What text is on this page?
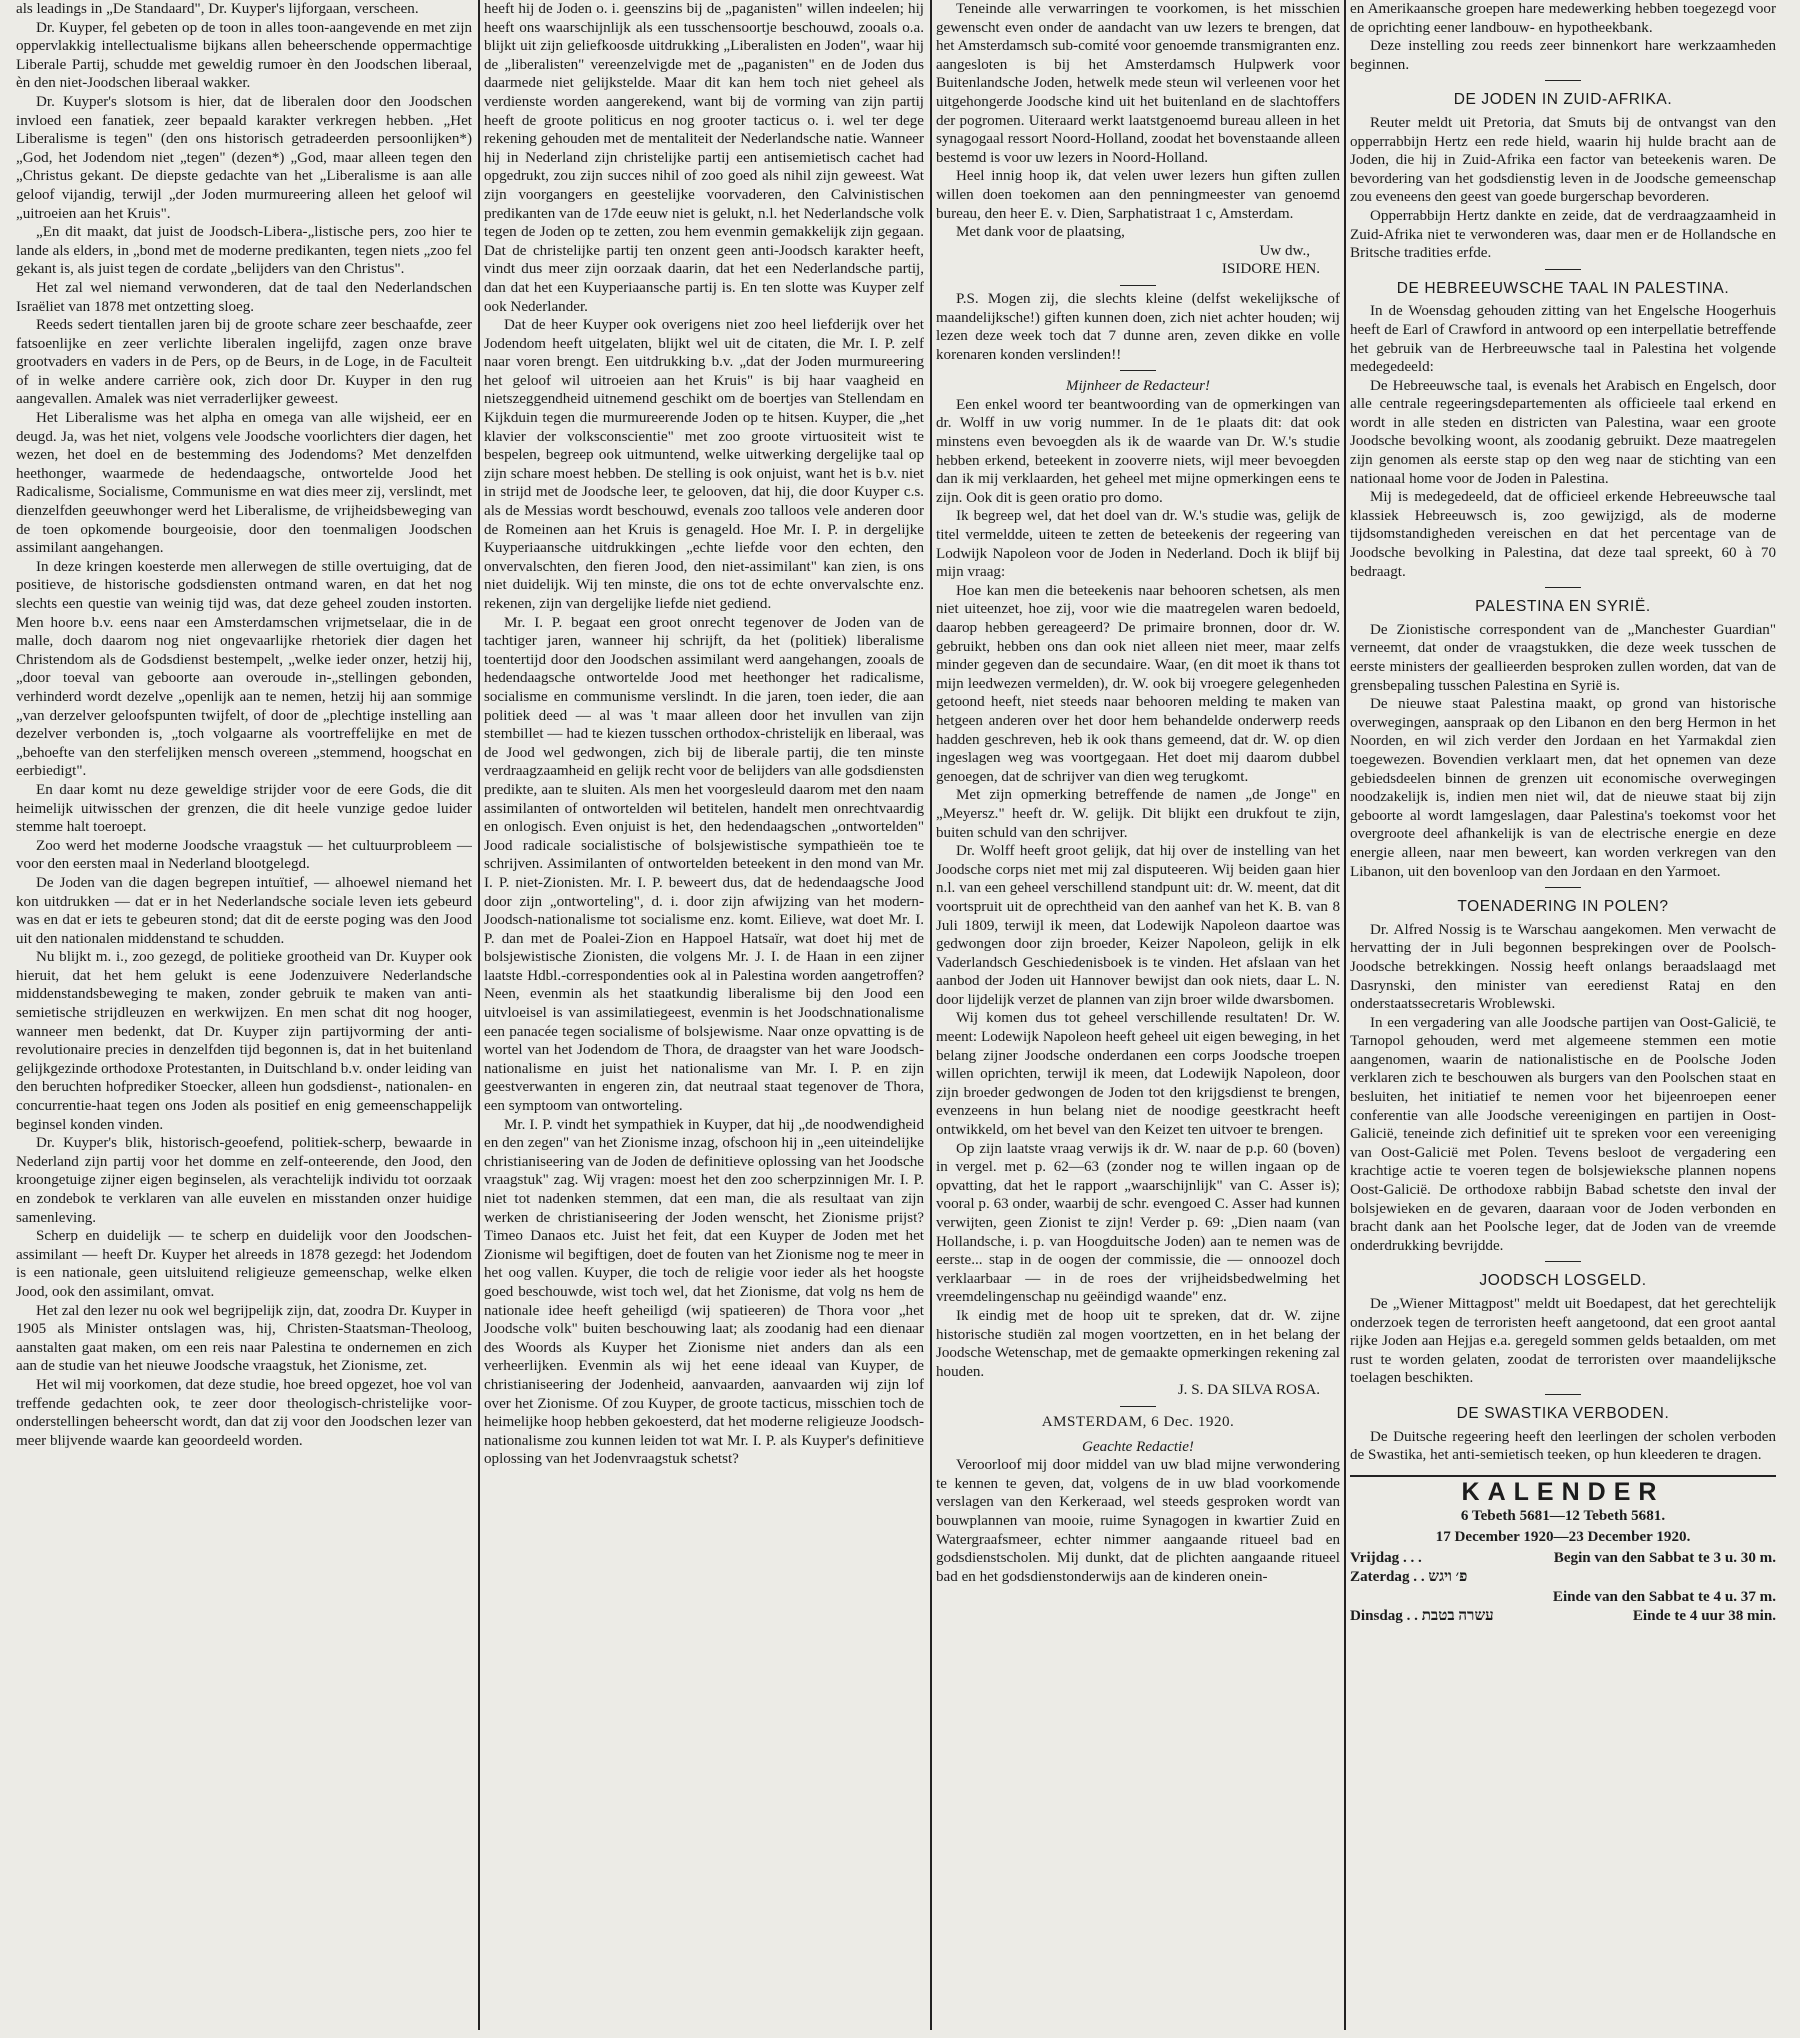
als leadings in „De Standaard", Dr. Kuyper's lijforgaan, verscheen.

Dr. Kuyper, fel gebeten op de toon in alles toon-aangevende en met zijn oppervlakkig intellectualisme bijkans allen beheerschende oppermachtige Liberale Partij, schudde met geweldig rumoer èn den Joodschen liberaal, èn den niet-Joodschen liberaal wakker.

Dr. Kuyper's slotsom is hier, dat de liberalen door den Joodschen invloed een fanatiek, zeer bepaald karakter verkregen hebben. „Het Liberalisme is tegen" (den ons historisch getradeerden persoonlijken*) „God, het Jodendom niet „tegen" (dezen*) „God, maar alleen tegen den „Christus gekant. De diepste gedachte van het „Liberalisme is aan alle geloof vijandig, terwijl „der Joden murmureering alleen het geloof wil „uitroeien aan het Kruis".

„En dit maakt, dat juist de Joodsch-Libera-„listische pers, zoo hier te lande als elders, in „bond met de moderne predikanten, tegen niets „zoo fel gekant is, als juist tegen de cordate „belijders van den Christus".

Het zal wel niemand verwonderen, dat de taal den Nederlandschen Israëliet van 1878 met ontzetting sloeg.

Reeds sedert tientallen jaren bij de groote schare zeer beschaafde, zeer fatsoenlijke en zeer verlichte liberalen ingelijfd, zagen onze brave grootvaders en vaders in de Pers, op de Beurs, in de Loge, in de Faculteit of in welke andere carrière ook, zich door Dr. Kuyper in den rug aangevallen. Amalek was niet verraderlijker geweest.

Het Liberalisme was het alpha en omega van alle wijsheid, eer en deugd. Ja, was het niet, volgens vele Joodsche voorlichters dier dagen, het wezen, het doel en de bestemming des Jodendoms? Met denzelfden heethonger, waarmede de hedendaagsche, ontwortelde Jood het Radicalisme, Socialisme, Communisme en wat dies meer zij, verslindt, met dienzelfden geeuwhonger werd het Liberalisme, de vrijheidsbeweging van de toen opkomende bourgeoisie, door den toenmaligen Joodschen assimilant aangehangen.

In deze kringen koesterde men allerwegen de stille overtuiging, dat de positieve, de historische godsdiensten ontmand waren, en dat het nog slechts een questie van weinig tijd was, dat deze geheel zouden instorten. Men hoore b.v. eens naar een Amsterdamschen vrijmetselaar, die in de malle, doch daarom nog niet ongevaarlijke rhetoriek dier dagen het Christendom als de Godsdienst bestempelt, „welke ieder onzer, hetzij hij, „door toeval van geboorte aan overoude in-„stellingen gebonden, verhinderd wordt dezelve „openlijk aan te nemen, hetzij hij aan sommige „van derzelver geloofspunten twijfelt, of door de „plechtige instelling aan dezelver verbonden is, „toch volgaarne als voortreffelijke en met de „behoefte van den sterfelijken mensch overeen „stemmend, hoogschat en eerbiedigt".

En daar komt nu deze geweldige strijder voor de eere Gods, die dit heimelijk uitwisschen der grenzen, die dit heele vunzige gedoe luider stemme halt toeroept.

Zoo werd het moderne Joodsche vraagstuk — het cultuurprobleem — voor den eersten maal in Nederland blootgelegd.

De Joden van die dagen begrepen intuïtief, — alhoewel niemand het kon uitdrukken — dat er in het Nederlandsche sociale leven iets gebeurd was en dat er iets te gebeuren stond; dat dit de eerste poging was den Jood uit den nationalen middenstand te schudden.

Nu blijkt m. i., zoo gezegd, de politieke grootheid van Dr. Kuyper ook hieruit, dat het hem gelukt is eene Jodenzuivere Nederlandsche middenstandsbeweging te maken, zonder gebruik te maken van anti-semietische strijdleuzen en werkwijzen. En men schat dit nog hooger, wanneer men bedenkt, dat Dr. Kuyper zijn partijvorming der anti-revolutionaire precies in denzelfden tijd begonnen is, dat in het buitenland gelijkgezinde orthodoxe Protestanten, in Duitschland b.v. onder leiding van den beruchten hofprediker Stoecker, alleen hun godsdienst-, nationalen- en concurrentie-haat tegen ons Joden als positief en enig gemeenschappelijk beginsel konden vinden.

Dr. Kuyper's blik, historisch-geoefend, politiek-scherp, bewaarde in Nederland zijn partij voor het domme en zelf-onteerende, den Jood, den kroongetuige zijner eigen beginselen, als verachtelijk individu tot oorzaak en zondebok te verklaren van alle euvelen en misstanden onzer huidige samenleving.

Scherp en duidelijk — te scherp en duidelijk voor den Joodschen-assimilant — heeft Dr. Kuyper het alreeds in 1878 gezegd: het Jodendom is een nationale, geen uitsluitend religieuze gemeenschap, welke elken Jood, ook den assimilant, omvat.

Het zal den lezer nu ook wel begrijpelijk zijn, dat, zoodra Dr. Kuyper in 1905 als Minister ontslagen was, hij, Christen-Staatsman-Theoloog, aanstalten gaat maken, om een reis naar Palestina te ondernemen en zich aan de studie van het nieuwe Joodsche vraagstuk, het Zionisme, zet.

Het wil mij voorkomen, dat deze studie, hoe breed opgezet, hoe vol van treffende gedachten ook, te zeer door theologisch-christelijke voor-onderstellingen beheerscht wordt, dan dat zij voor den Joodschen lezer van meer blijvende waarde kan geoordeeld worden.

heeft hij de Joden o. i. geenszins bij de „paganisten" willen indeelen; hij heeft ons waarschijnlijk als een tusschensoortje beschouwd, zooals o.a. blijkt uit zijn geliefkoosde uitdrukking „Liberalisten en Joden", waar hij de „liberalisten" vereenzelvigde met de „paganisten" en de Joden dus daarmede niet gelijkstelde. Maar dit kan hem toch niet geheel als verdienste worden aangerekend, want bij de vorming van zijn partij heeft de groote politicus en nog grooter tacticus o. i. wel ter dege rekening gehouden met de mentaliteit der Nederlandsche natie. Wanneer hij in Nederland zijn christelijke partij een antisemietisch cachet had opgedrukt, zou zijn succes nihil of zoo goed als nihil zijn geweest. Wat zijn voorgangers en geestelijke voorvaderen, den Calvinistischen predikanten van de 17de eeuw niet is gelukt, n.l. het Nederlandsche volk tegen de Joden op te zetten, zou hem evenmin gemakkelijk zijn gegaan. Dat de christelijke partij ten onzent geen anti-Joodsch karakter heeft, vindt dus meer zijn oorzaak daarin, dat het een Nederlandsche partij, dan dat het een Kuyperiaansche partij is. En ten slotte was Kuyper zelf ook Nederlander.

Dat de heer Kuyper ook overigens niet zoo heel liefderijk over het Jodendom heeft uitgelaten, blijkt wel uit de citaten, die Mr. I. P. zelf naar voren brengt. Een uitdrukking b.v. „dat der Joden murmureering het geloof wil uitroeien aan het Kruis" is bij haar vaagheid en nietszeggendheid uitnemend geschikt om de boertjes van Stellendam en Kijkduin tegen die murmureerende Joden op te hitsen. Kuyper, die „het klavier der volksconscientie" met zoo groote virtuositeit wist te bespelen, begreep ook uitmuntend, welke uitwerking dergelijke taal op zijn schare moest hebben. De stelling is ook onjuist, want het is b.v. niet in strijd met de Joodsche leer, te gelooven, dat hij, die door Kuyper c.s. als de Messias wordt beschouwd, evenals zoo talloos vele anderen door de Romeinen aan het Kruis is genageld. Hoe Mr. I. P. in dergelijke Kuyperiaansche uitdrukkingen „echte liefde voor den echten, den onvervalschten, den fieren Jood, den niet-assimilant" kan zien, is ons niet duidelijk. Wij ten minste, die ons tot de echte onvervalschte enz. rekenen, zijn van dergelijke liefde niet gediend.

Mr. I. P. begaat een groot onrecht tegenover de Joden van de tachtiger jaren, wanneer hij schrijft, da het (politiek) liberalisme toentertijd door den Joodschen assimilant werd aangehangen, zooals de hedendaagsche ontwortelde Jood met heethonger het radicalisme, socialisme en communisme verslindt. In die jaren, toen ieder, die aan politiek deed — al was 't maar alleen door het invullen van zijn stembillet — had te kiezen tusschen orthodox-christelijk en liberaal, was de Jood wel gedwongen, zich bij de liberale partij, die ten minste verdraagzaamheid en gelijk recht voor de belijders van alle godsdiensten predikte, aan te sluiten. Als men het voorgesleuld daarom met den naam assimilanten of ontwortelden wil betitelen, handelt men onrechtvaardig en onlogisch. Even onjuist is het, den hedendaagschen „ontwortelden" Jood radicale socialistische of bolsjewistische sympathieën toe te schrijven. Assimilanten of ontwortelden beteekent in den mond van Mr. I. P. niet-Zionisten. Mr. I. P. beweert dus, dat de hedendaagsche Jood door zijn „ontworteling", d. i. door zijn afwijzing van het modern-Joodsch-nationalisme tot socialisme enz. komt. Eilieve, wat doet Mr. I. P. dan met de Poalei-Zion en Happoel Hatsaïr, wat doet hij met de bolsjewistische Zionisten, die volgens Mr. J. I. de Haan in een zijner laatste Hdbl.-correspondenties ook al in Palestina worden aangetroffen? Neen, evenmin als het staatkundig liberalisme bij den Jood een uitvloeisel is van assimilatiegeest, evenmin is het Joodschnationalisme een panacée tegen socialisme of bolsjewisme. Naar onze opvatting is de wortel van het Jodendom de Thora, de draagster van het ware Joodsch-nationalisme en juist het nationalisme van Mr. I. P. en zijn geestverwanten in engeren zin, dat neutraal staat tegenover de Thora, een symptoom van ontworteling.

Mr. I. P. vindt het sympathiek in Kuyper, dat hij „de noodwendigheid en den zegen" van het Zionisme inzag, ofschoon hij in „een uiteindelijke christianiseering van de Joden de definitieve oplossing van het Joodsche vraagstuk" zag. Wij vragen: moest het den zoo scherpzinnigen Mr. I. P. niet tot nadenken stemmen, dat een man, die als resultaat van zijn werken de christianiseering der Joden wenscht, het Zionisme prijst? Timeo Danaos etc. Juist het feit, dat een Kuyper de Joden met het Zionisme wil begiftigen, doet de fouten van het Zionisme nog te meer in het oog vallen. Kuyper, die toch de religie voor ieder als het hoogste goed beschouwde, wist toch wel, dat het Zionisme, dat volg ns hem de nationale idee heeft geheiligd (wij spatieeren) de Thora voor „het Joodsche volk" buiten beschouwing laat; als zoodanig had een dienaar des Woords als Kuyper het Zionisme niet anders dan als een verheerlijken. Evenmin als wij het eene ideaal van Kuyper, de christianiseering der Jodenheid, aanvaarden, aanvaarden wij zijn lof over het Zionisme. Of zou Kuyper, de groote tacticus, misschien toch de heimelijke hoop hebben gekoesterd, dat het moderne religieuze Joodsch-nationalisme zou kunnen leiden tot wat Mr. I. P. als Kuyper's definitieve oplossing van het Jodenvraagstuk schetst?

Teneinde alle verwarringen te voorkomen, is het misschien gewenscht even onder de aandacht van uw lezers te brengen, dat het Amsterdamsch sub-comité voor genoemde transmigranten enz. aangesloten is bij het Amsterdamsch Hulpwerk voor Buitenlandsche Joden, hetwelk mede steun wil verleenen voor het uitgehongerde Joodsche kind uit het buitenland en de slachtoffers der pogromen. Uiteraard werkt laatstgenoemd bureau alleen in het synagogaal ressort Noord-Holland, zoodat het bovenstaande alleen bestemd is voor uw lezers in Noord-Holland.

Heel innig hoop ik, dat velen uwer lezers hun giften zullen willen doen toekomen aan den penningmeester van genoemd bureau, den heer E. v. Dien, Sarphatistraat 1 c, Amsterdam.

Met dank voor de plaatsing,

Uw dw.,

ISIDORE HEN.

P.S. Mogen zij, die slechts kleine (delfst wekelijksche of maandelijksche!) giften kunnen doen, zich niet achter houden; wij lezen deze week toch dat 7 dunne aren, zeven dikke en volle korenaren konden verslinden!!

Mijnheer de Redacteur!

Een enkel woord ter beantwoording van de opmerkingen van dr. Wolff in uw vorig nummer. In de 1e plaats dit: dat ook minstens even bevoegden als ik de waarde van Dr. W.'s studie hebben erkend, beteekent in zooverre niets, wijl meer bevoegden dan ik mij verklaarden, het geheel met mijne opmerkingen eens te zijn. Ook dit is geen oratio pro domo.

Ik begreep wel, dat het doel van dr. W.'s studie was, gelijk de titel vermeldde, uiteen te zetten de beteekenis der regeering van Lodwijk Napoleon voor de Joden in Nederland. Doch ik blijf bij mijn vraag:

Hoe kan men die beteekenis naar behooren schetsen, als men niet uiteenzet, hoe zij, voor wie die maatregelen waren bedoeld, daarop hebben gereageerd? De primaire bronnen, door dr. W. gebruikt, hebben ons dan ook niet alleen niet meer, maar zelfs minder gegeven dan de secundaire. Waar, (en dit moet ik thans tot mijn leedwezen vermelden), dr. W. ook bij vroegere gelegenheden getoond heeft, niet steeds naar behooren melding te maken van hetgeen anderen over het door hem behandelde onderwerp reeds hadden geschreven, heb ik ook thans gemeend, dat dr. W. op dien ingeslagen weg was voortgegaan. Het doet mij daarom dubbel genoegen, dat de schrijver van dien weg terugkomt.

Met zijn opmerking betreffende de namen „de Jonge" en „Meyersz." heeft dr. W. gelijk. Dit blijkt een drukfout te zijn, buiten schuld van den schrijver.

Dr. Wolff heeft groot gelijk, dat hij over de instelling van het Joodsche corps niet met mij zal disputeeren. Wij beiden gaan hier n.l. van een geheel verschillend standpunt uit: dr. W. meent, dat dit voortspruit uit de oprechtheid van den aanhef van het K. B. van 8 Juli 1809, terwijl ik meen, dat Lodewijk Napoleon daartoe was gedwongen door zijn broeder, Keizer Napoleon, gelijk in elk Vaderlandsch Geschiedenisboek is te vinden. Het afslaan van het aanbod der Joden uit Hannover bewijst dan ook niets, daar L. N. door lijdelijk verzet de plannen van zijn broer wilde dwarsbomen.

Wij komen dus tot geheel verschillende resultaten! Dr. W. meent: Lodewijk Napoleon heeft geheel uit eigen beweging, in het belang zijner Joodsche onderdanen een corps Joodsche troepen willen oprichten, terwijl ik meen, dat Lodewijk Napoleon, door zijn broeder gedwongen de Joden tot den krijgsdienst te brengen, evenzeens in hun belang niet de noodige geestkracht heeft ontwikkeld, om het bevel van den Keizet ten uitvoer te brengen.

Op zijn laatste vraag verwijs ik dr. W. naar de p.p. 60 (boven) in vergel. met p. 62—63 (zonder nog te willen ingaan op de opvatting, dat het le rapport „waarschijnlijk" van C. Asser is); vooral p. 63 onder, waarbij de schr. evengoed C. Asser had kunnen verwijten, geen Zionist te zijn! Verder p. 69: „Dien naam (van Hollandsche, i. p. van Hoogduitsche Joden) aan te nemen was de eerste... stap in de oogen der commissie, die — onnoozel doch verklaarbaar — in de roes der vrijheidsbedwelming het vreemdelingenschap nu geëindigd waande" enz.

Ik eindig met de hoop uit te spreken, dat dr. W. zijne historische studiën zal mogen voortzetten, en in het belang der Joodsche Wetenschap, met de gemaakte opmerkingen rekening zal houden.

J. S. DA SILVA ROSA.

AMSTERDAM, 6 Dec. 1920.

Geachte Redactie!

Veroorloof mij door middel van uw blad mijne verwondering te kennen te geven, dat, volgens de in uw blad voorkomende verslagen van den Kerkeraad, wel steeds gesproken wordt van bouwplannen van mooie, ruime Synagogen in kwartier Zuid en Watergraafsmeer, echter nimmer aangaande ritueel bad en godsdienstscholen. Mij dunkt, dat de plichten aangaande ritueel bad en het godsdienstonderwijs aan de kinderen onein-

en Amerikaansche groepen hare medewerking hebben toegezegd voor de oprichting eener landbouw- en hypotheekbank.

Deze instelling zou reeds zeer binnenkort hare werkzaamheden beginnen.

DE JODEN IN ZUID-AFRIKA.

Reuter meldt uit Pretoria, dat Smuts bij de ontvangst van den opperrabbijn Hertz een rede hield, waarin hij hulde bracht aan de Joden, die hij in Zuid-Afrika een factor van beteekenis waren. De bevordering van het godsdienstig leven in de Joodsche gemeenschap zou eveneens den geest van goede burgerschap bevorderen.

Opperrabbijn Hertz dankte en zeide, dat de verdraagzaamheid in Zuid-Afrika niet te verwonderen was, daar men er de Hollandsche en Britsche tradities erfde.

DE HEBREEUWSCHE TAAL IN PALESTINA.

In de Woensdag gehouden zitting van het Engelsche Hoogerhuis heeft de Earl of Crawford in antwoord op een interpellatie betreffende het gebruik van de Herbreeuwsche taal in Palestina het volgende medegedeeld:

De Hebreeuwsche taal, is evenals het Arabisch en Engelsch, door alle centrale regeeringsdepartementen als officieele taal erkend en wordt in alle steden en districten van Palestina, waar een groote Joodsche bevolking woont, als zoodanig gebruikt. Deze maatregelen zijn genomen als eerste stap op den weg naar de stichting van een nationaal home voor de Joden in Palestina.

Mij is medegedeeld, dat de officieel erkende Hebreeuwsche taal klassiek Hebreeuwsch is, zoo gewijzigd, als de moderne tijdsomstandigheden vereischen en dat het percentage van de Joodsche bevolking in Palestina, dat deze taal spreekt, 60 à 70 bedraagt.

PALESTINA EN SYRIË.

De Zionistische correspondent van de „Manchester Guardian" verneemt, dat onder de vraagstukken, die deze week tusschen de eerste ministers der geallieerden besproken zullen worden, dat van de grensbepaling tusschen Palestina en Syrië is.

De nieuwe staat Palestina maakt, op grond van historische overwegingen, aanspraak op den Libanon en den berg Hermon in het Noorden, en wil zich verder den Jordaan en het Yarmakdal zien toegewezen. Bovendien verklaart men, dat het opnemen van deze gebiedsdeelen binnen de grenzen uit economische overwegingen noodzakelijk is, indien men niet wil, dat de nieuwe staat bij zijn geboorte al wordt lamgeslagen, daar Palestina's toekomst voor het overgroote deel afhankelijk is van de electrische energie en deze energie alleen, naar men beweert, kan worden verkregen van den Libanon, uit den bovenloop van den Jordaan en den Yarmoet.

TOENADERING IN POLEN?

Dr. Alfred Nossig is te Warschau aangekomen. Men verwacht de hervatting der in Juli begonnen besprekingen over de Poolsch-Joodsche betrekkingen. Nossig heeft onlangs beraadslaagd met Dasrynski, den minister van eeredienst Rataj en den onderstaatssecretaris Wroblewski.

In een vergadering van alle Joodsche partijen van Oost-Galicië, te Tarnopol gehouden, werd met algemeene stemmen een motie aangenomen, waarin de nationalistische en de Poolsche Joden verklaren zich te beschouwen als burgers van den Poolschen staat en besluiten, het initiatief te nemen voor het bijeenroepen eener conferentie van alle Joodsche vereenigingen en partijen in Oost-Galicië, teneinde zich definitief uit te spreken voor een vereeniging van Oost-Galicië met Polen. Tevens besloot de vergadering een krachtige actie te voeren tegen de bolsjewieksche plannen nopens Oost-Galicië. De orthodoxe rabbijn Babad schetste den inval der bolsjewieken en de gevaren, daaraan voor de Joden verbonden en bracht dank aan het Poolsche leger, dat de Joden van de vreemde onderdrukking bevrijdde.

JOODSCH LOSGELD.

De „Wiener Mittagpost" meldt uit Boedapest, dat het gerechtelijk onderzoek tegen de terroristen heeft aangetoond, dat een groot aantal rijke Joden aan Hejjas e.a. geregeld sommen gelds betaalden, om met rust te worden gelaten, zoodat de terroristen over maandelijksche toelagen beschikten.

DE SWASTIKA VERBODEN.

De Duitsche regeering heeft den leerlingen der scholen verboden de Swastika, het anti-semietisch teeken, op hun kleederen te dragen.

KALENDER
6 Tebeth 5681—12 Tebeth 5681.
17 December 1920—23 December 1920.
Vrijdag . . .	Begin van den Sabbat te 3 u. 30 m.
Zaterdag . . פ׳ ויגש
Einde van den Sabbat te 4 u. 37 m.
Dinsdag . . עשרה בטבת	Einde te 4 uur 38 min.
